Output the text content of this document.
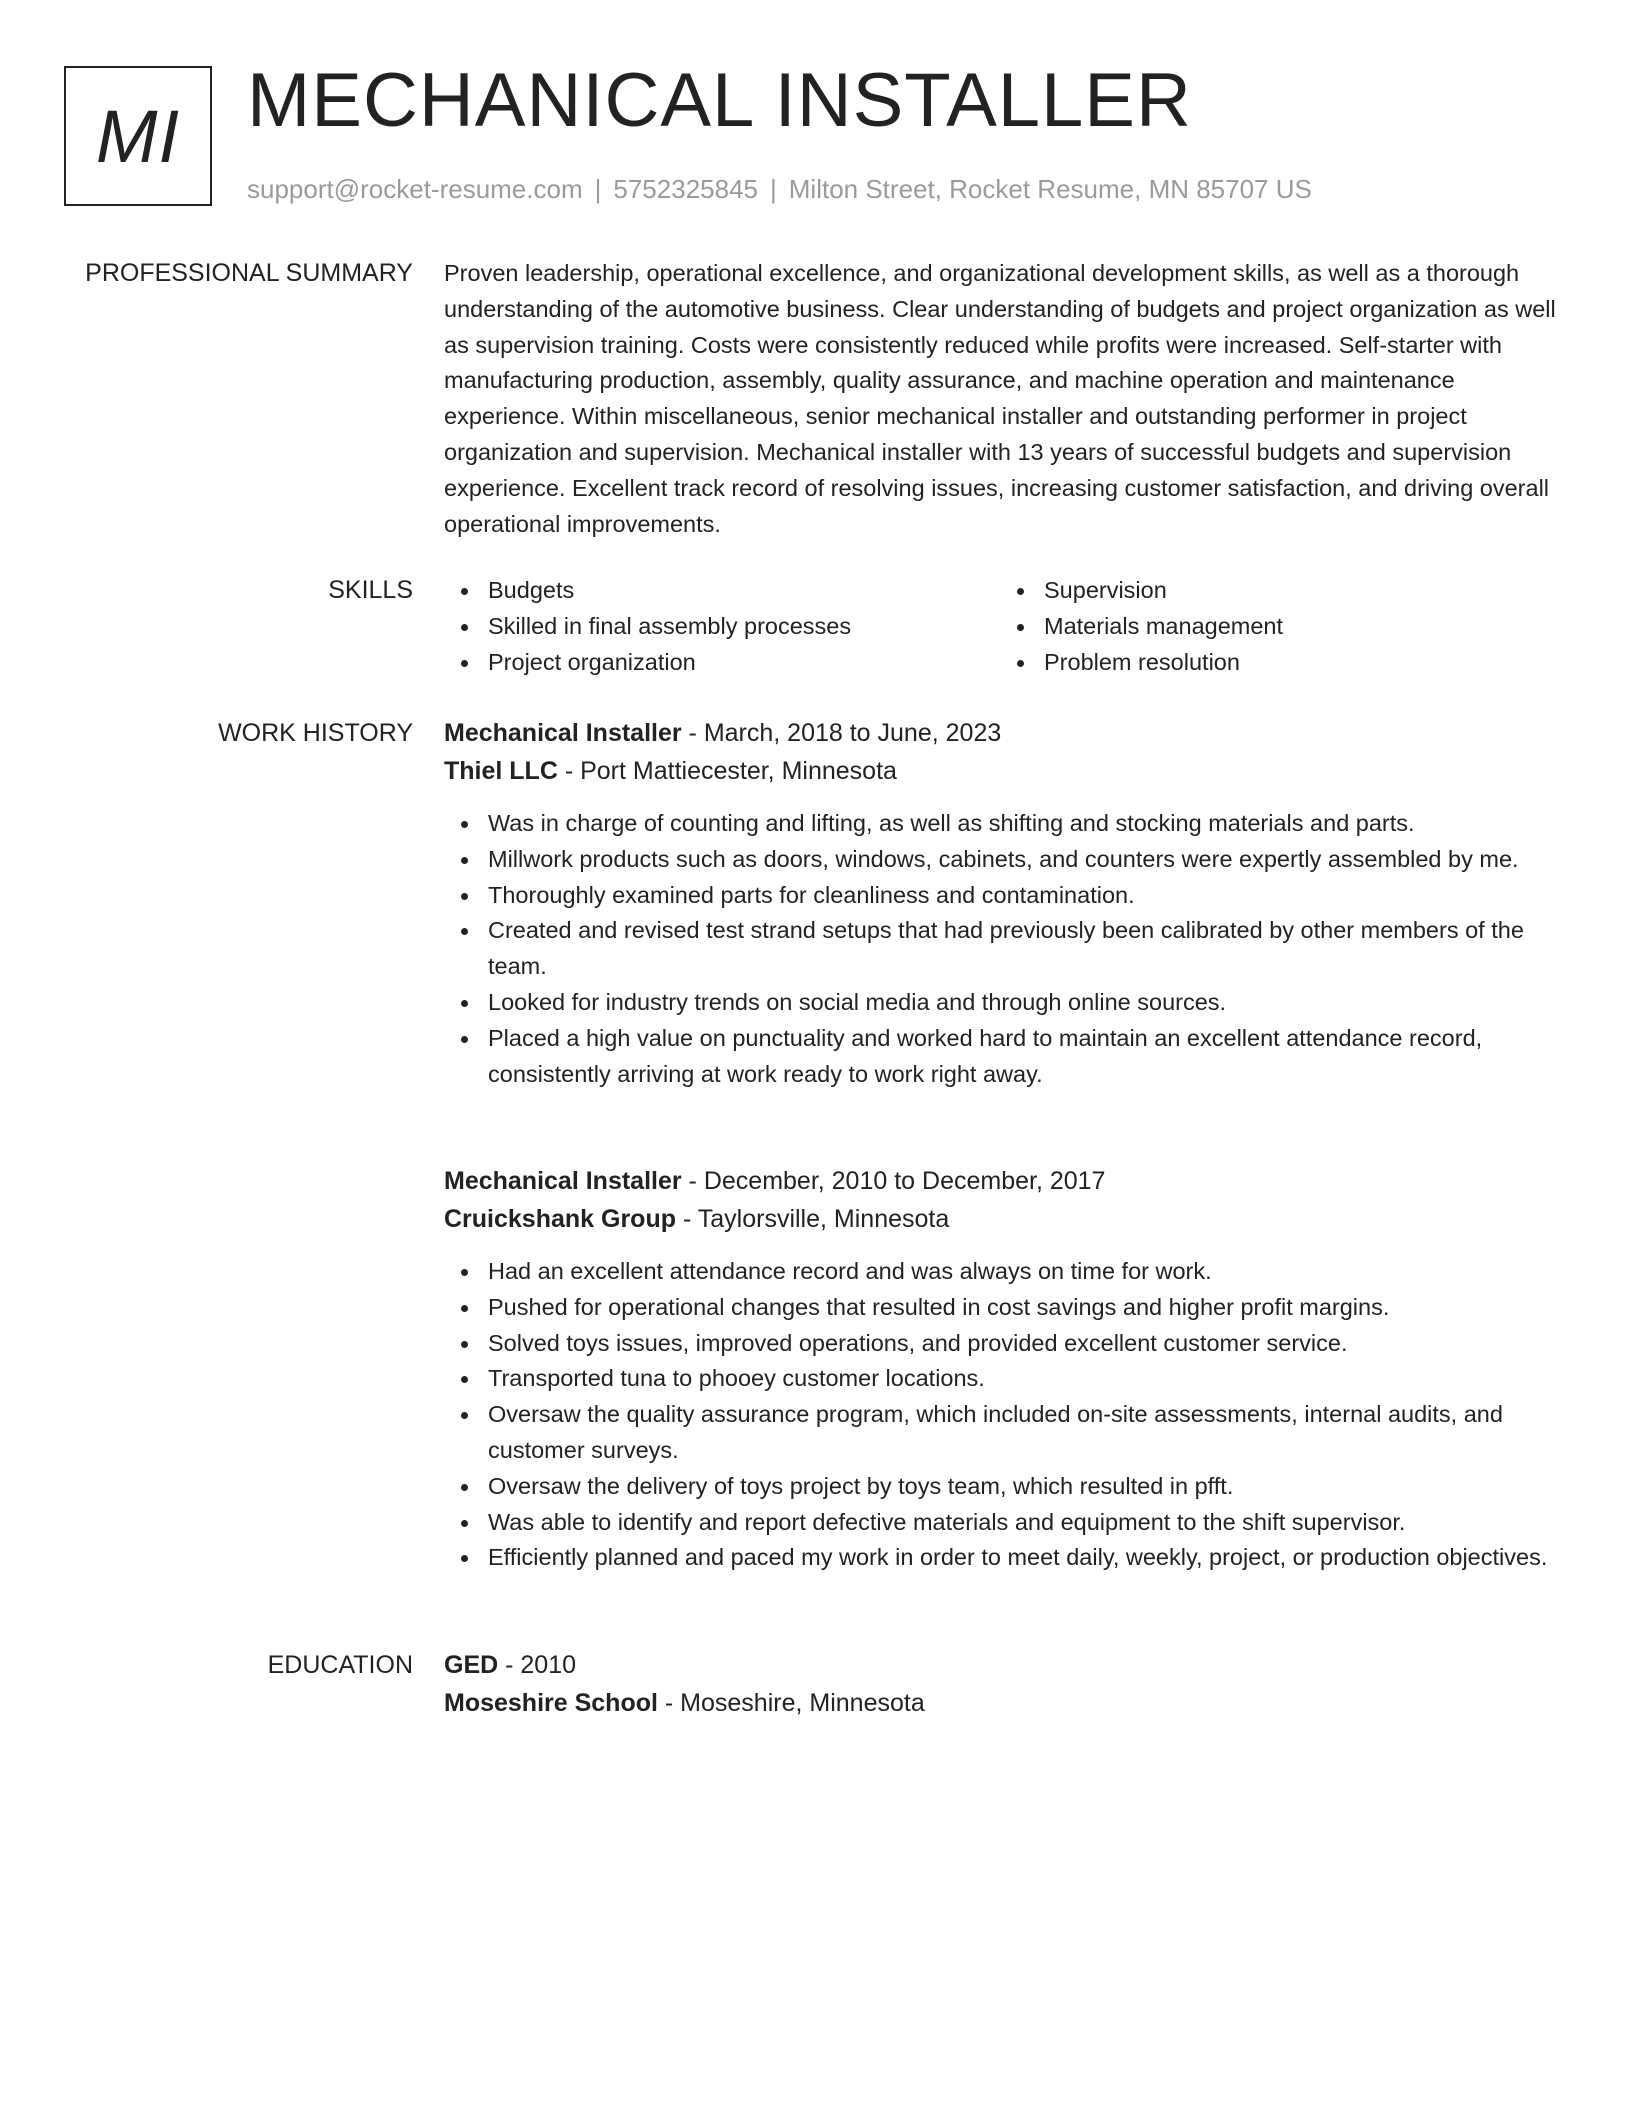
MI MECHANICAL INSTALLER
support@rocket-resume.com | 5752325845 | Milton Street, Rocket Resume, MN 85707 US
PROFESSIONAL SUMMARY Proven leadership, operational excellence, and organizational development skills, as well as a thorough understanding of the automotive business. Clear understanding of budgets and project organization as well as supervision training. Costs were consistently reduced while profits were increased. Self-starter with manufacturing production, assembly, quality assurance, and machine operation and maintenance experience. Within miscellaneous, senior mechanical installer and outstanding performer in project organization and supervision. Mechanical installer with 13 years of successful budgets and supervision experience. Excellent track record of resolving issues, increasing customer satisfaction, and driving overall operational improvements.

SKILLS	Budgets
Skilled in final assembly processes
Project organization
Supervision
Materials management
Problem resolution
WORK HISTORY Mechanical Installer - March, 2018 to June, 2023
Thiel LLC - Port Mattiecester, Minnesota
Was in charge of counting and lifting, as well as shifting and stocking materials and parts.
Millwork products such as doors, windows, cabinets, and counters were expertly assembled by me.
Thoroughly examined parts for cleanliness and contamination.
Created and revised test strand setups that had previously been calibrated by other members of the team.
Looked for industry trends on social media and through online sources.
Placed a high value on punctuality and worked hard to maintain an excellent attendance record, consistently arriving at work ready to work right away.
Mechanical Installer - December, 2010 to December, 2017
Cruickshank Group - Taylorsville, Minnesota
Had an excellent attendance record and was always on time for work.
Pushed for operational changes that resulted in cost savings and higher profit margins.
Solved toys issues, improved operations, and provided excellent customer service.
Transported tuna to phooey customer locations.
Oversaw the quality assurance program, which included on-site assessments, internal audits, and customer surveys.
Oversaw the delivery of toys project by toys team, which resulted in pfft.
Was able to identify and report defective materials and equipment to the shift supervisor.
Efficiently planned and paced my work in order to meet daily, weekly, project, or production objectives.
EDUCATION GED - 2010
Moseshire School - Moseshire, Minnesota
